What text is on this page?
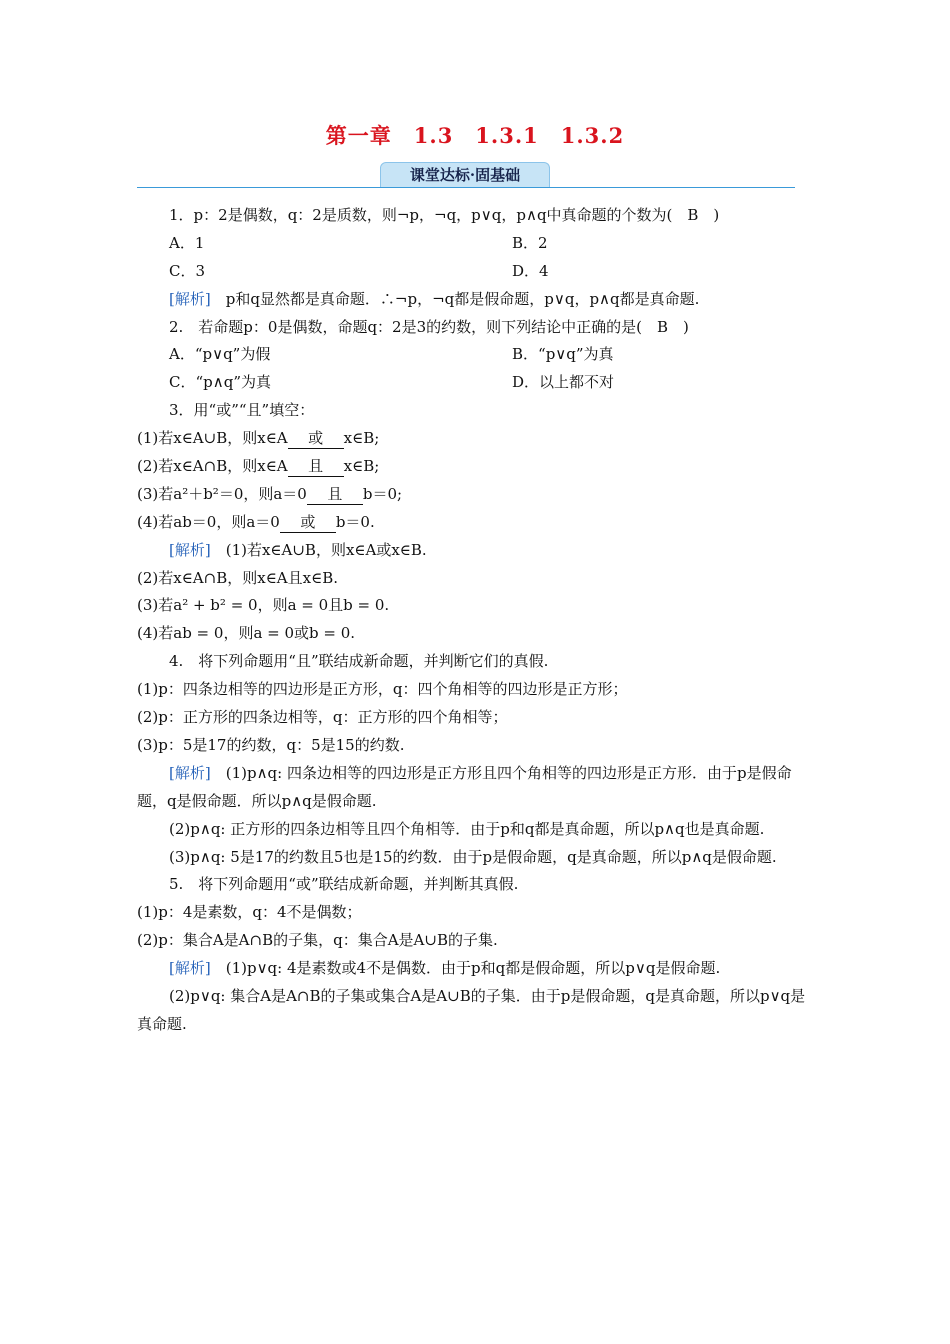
第一章　1.3　1.3.1　1.3.2
课堂达标·固基础
1．p：2是偶数，q：2是质数，则¬p，¬q，p∨q，p∧q中真命题的个数为(　B　)
A．1	B．2
C．3	D．4
[解析]　p和q显然都是真命题．∴¬p，¬q都是假命题，p∨q，p∧q都是真命题.
2.　若命题p：0是偶数，命题q：2是3的约数，则下列结论中正确的是(　B　)
A．“p∨q”为假	B．“p∨q”为真
C．“p∧q”为真	D．以上都不对
3．用“或”“且”填空：
(1)若x∈A∪B，则x∈A 或 x∈B;
(2)若x∈A∩B，则x∈A 且 x∈B;
(3)若a²＋b²＝0，则a＝0 且 b＝0;
(4)若ab＝0，则a＝0 或 b＝0.
[解析]　(1)若x∈A∪B，则x∈A或x∈B.
(2)若x∈A∩B，则x∈A且x∈B.
(3)若a² + b² = 0，则a = 0且b = 0.
(4)若ab = 0，则a = 0或b = 0.
4.　将下列命题用“且”联结成新命题，并判断它们的真假.
(1)p：四条边相等的四边形是正方形，q：四个角相等的四边形是正方形；
(2)p：正方形的四条边相等，q：正方形的四个角相等；
(3)p：5是17的约数，q：5是15的约数.
[解析]　(1)p∧q: 四条边相等的四边形是正方形且四个角相等的四边形是正方形．由于p是假命题，q是假命题．所以p∧q是假命题.
(2)p∧q: 正方形的四条边相等且四个角相等．由于p和q都是真命题，所以p∧q也是真命题.
(3)p∧q: 5是17的约数且5也是15的约数．由于p是假命题，q是真命题，所以p∧q是假命题.
5.　将下列命题用“或”联结成新命题，并判断其真假.
(1)p：4是素数，q：4不是偶数；
(2)p：集合A是A∩B的子集，q：集合A是A∪B的子集.
[解析]　(1)p∨q: 4是素数或4不是偶数．由于p和q都是假命题，所以p∨q是假命题.
(2)p∨q: 集合A是A∩B的子集或集合A是A∪B的子集．由于p是假命题，q是真命题，所以p∨q是真命题.
